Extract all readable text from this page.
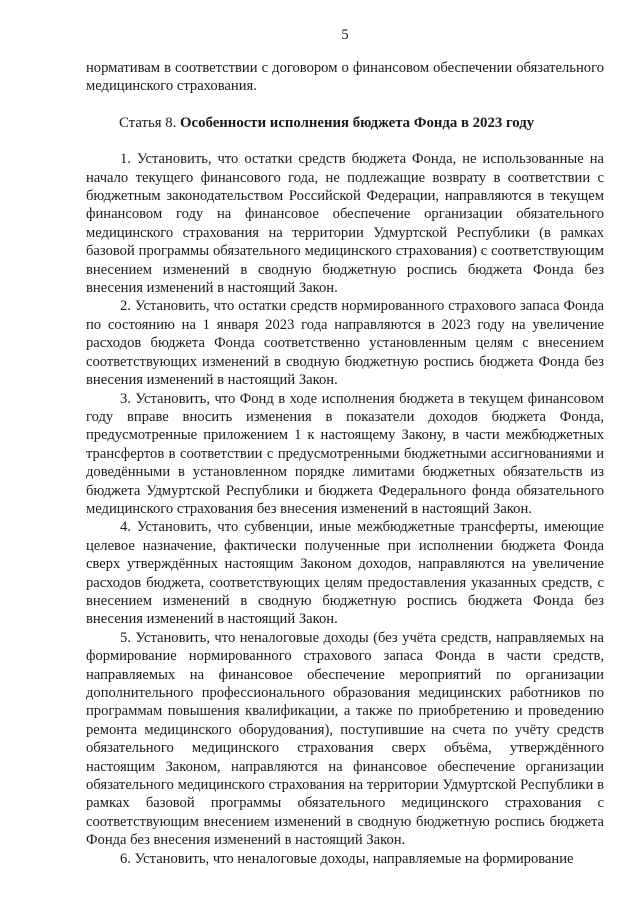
5

нормативам в соответствии с договором о финансовом обеспечении обязательного медицинского страхования.

Статья 8. Особенности исполнения бюджета Фонда в 2023 году

1. Установить, что остатки средств бюджета Фонда, не использованные на начало текущего финансового года, не подлежащие возврату в соответствии с бюджетным законодательством Российской Федерации, направляются в текущем финансовом году на финансовое обеспечение организации обязательного медицинского страхования на территории Удмуртской Республики (в рамках базовой программы обязательного медицинского страхования) с соответствующим внесением изменений в сводную бюджетную роспись бюджета Фонда без внесения изменений в настоящий Закон.

2. Установить, что остатки средств нормированного страхового запаса Фонда по состоянию на 1 января 2023 года направляются в 2023 году на увеличение расходов бюджета Фонда соответственно установленным целям с внесением соответствующих изменений в сводную бюджетную роспись бюджета Фонда без внесения изменений в настоящий Закон.

3. Установить, что Фонд в ходе исполнения бюджета в текущем финансовом году вправе вносить изменения в показатели доходов бюджета Фонда, предусмотренные приложением 1 к настоящему Закону, в части межбюджетных трансфертов в соответствии с предусмотренными бюджетными ассигнованиями и доведёнными в установленном порядке лимитами бюджетных обязательств из бюджета Удмуртской Республики и бюджета Федерального фонда обязательного медицинского страхования без внесения изменений в настоящий Закон.

4. Установить, что субвенции, иные межбюджетные трансферты, имеющие целевое назначение, фактически полученные при исполнении бюджета Фонда сверх утверждённых настоящим Законом доходов, направляются на увеличение расходов бюджета, соответствующих целям предоставления указанных средств, с внесением изменений в сводную бюджетную роспись бюджета Фонда без внесения изменений в настоящий Закон.

5. Установить, что неналоговые доходы (без учёта средств, направляемых на формирование нормированного страхового запаса Фонда в части средств, направляемых на финансовое обеспечение мероприятий по организации дополнительного профессионального образования медицинских работников по программам повышения квалификации, а также по приобретению и проведению ремонта медицинского оборудования), поступившие на счета по учёту средств обязательного медицинского страхования сверх объёма, утверждённого настоящим Законом, направляются на финансовое обеспечение организации обязательного медицинского страхования на территории Удмуртской Республики в рамках базовой программы обязательного медицинского страхования с соответствующим внесением изменений в сводную бюджетную роспись бюджета Фонда без внесения изменений в настоящий Закон.

6. Установить, что неналоговые доходы, направляемые на формирование
